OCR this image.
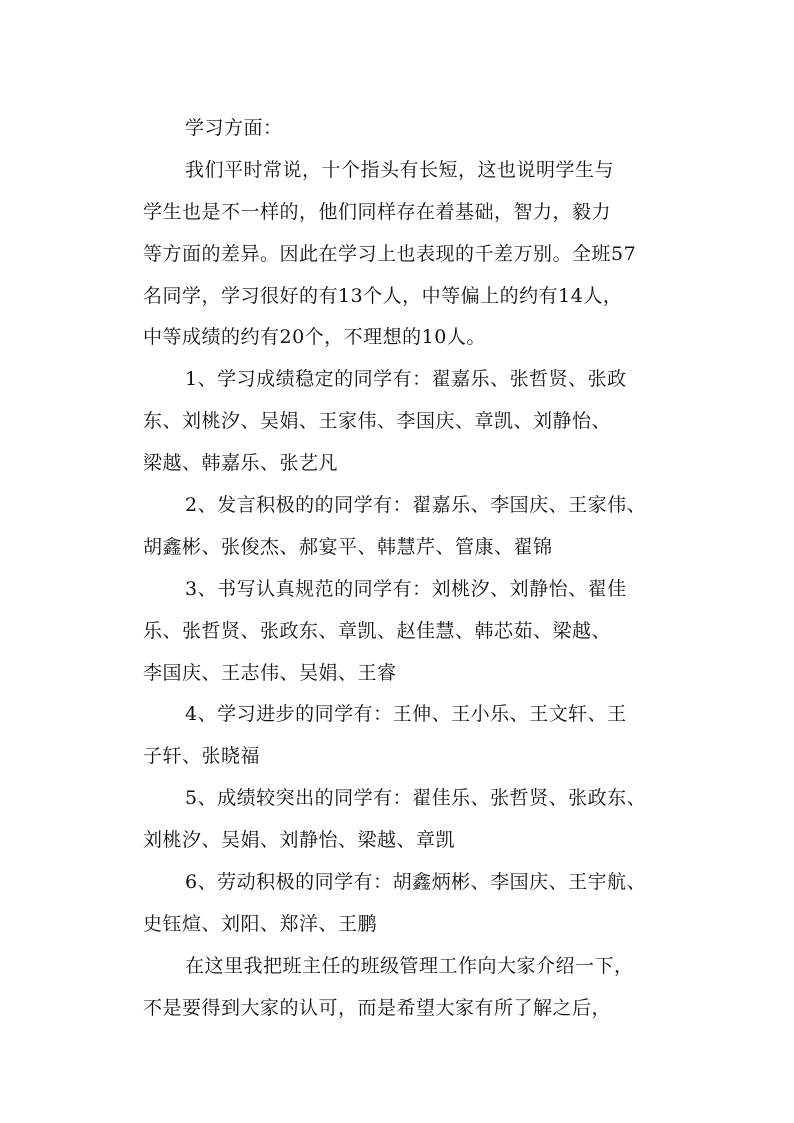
学习方面：
我们平时常说，十个指头有长短，这也说明学生与
学生也是不一样的，他们同样存在着基础，智力，毅力
等方面的差异。因此在学习上也表现的千差万别。全班57
名同学，学习很好的有13个人，中等偏上的约有14人，
中等成绩的约有20个，不理想的10人。
1、学习成绩稳定的同学有：翟嘉乐、张哲贤、张政
东、刘桃汐、吴娟、王家伟、李国庆、章凯、刘静怡、
梁越、韩嘉乐、张艺凡
2、发言积极的的同学有：翟嘉乐、李国庆、王家伟、
胡鑫彬、张俊杰、郝宴平、韩慧芹、管康、翟锦
3、书写认真规范的同学有：刘桃汐、刘静怡、翟佳
乐、张哲贤、张政东、章凯、赵佳慧、韩芯茹、梁越、
李国庆、王志伟、吴娟、王睿
4、学习进步的同学有：王伸、王小乐、王文轩、王
子轩、张晓福
5、成绩较突出的同学有：翟佳乐、张哲贤、张政东、
刘桃汐、吴娟、刘静怡、梁越、章凯
6、劳动积极的同学有：胡鑫炳彬、李国庆、王宇航、
史钰煊、刘阳、郑洋、王鹏
在这里我把班主任的班级管理工作向大家介绍一下，
不是要得到大家的认可，而是希望大家有所了解之后，
